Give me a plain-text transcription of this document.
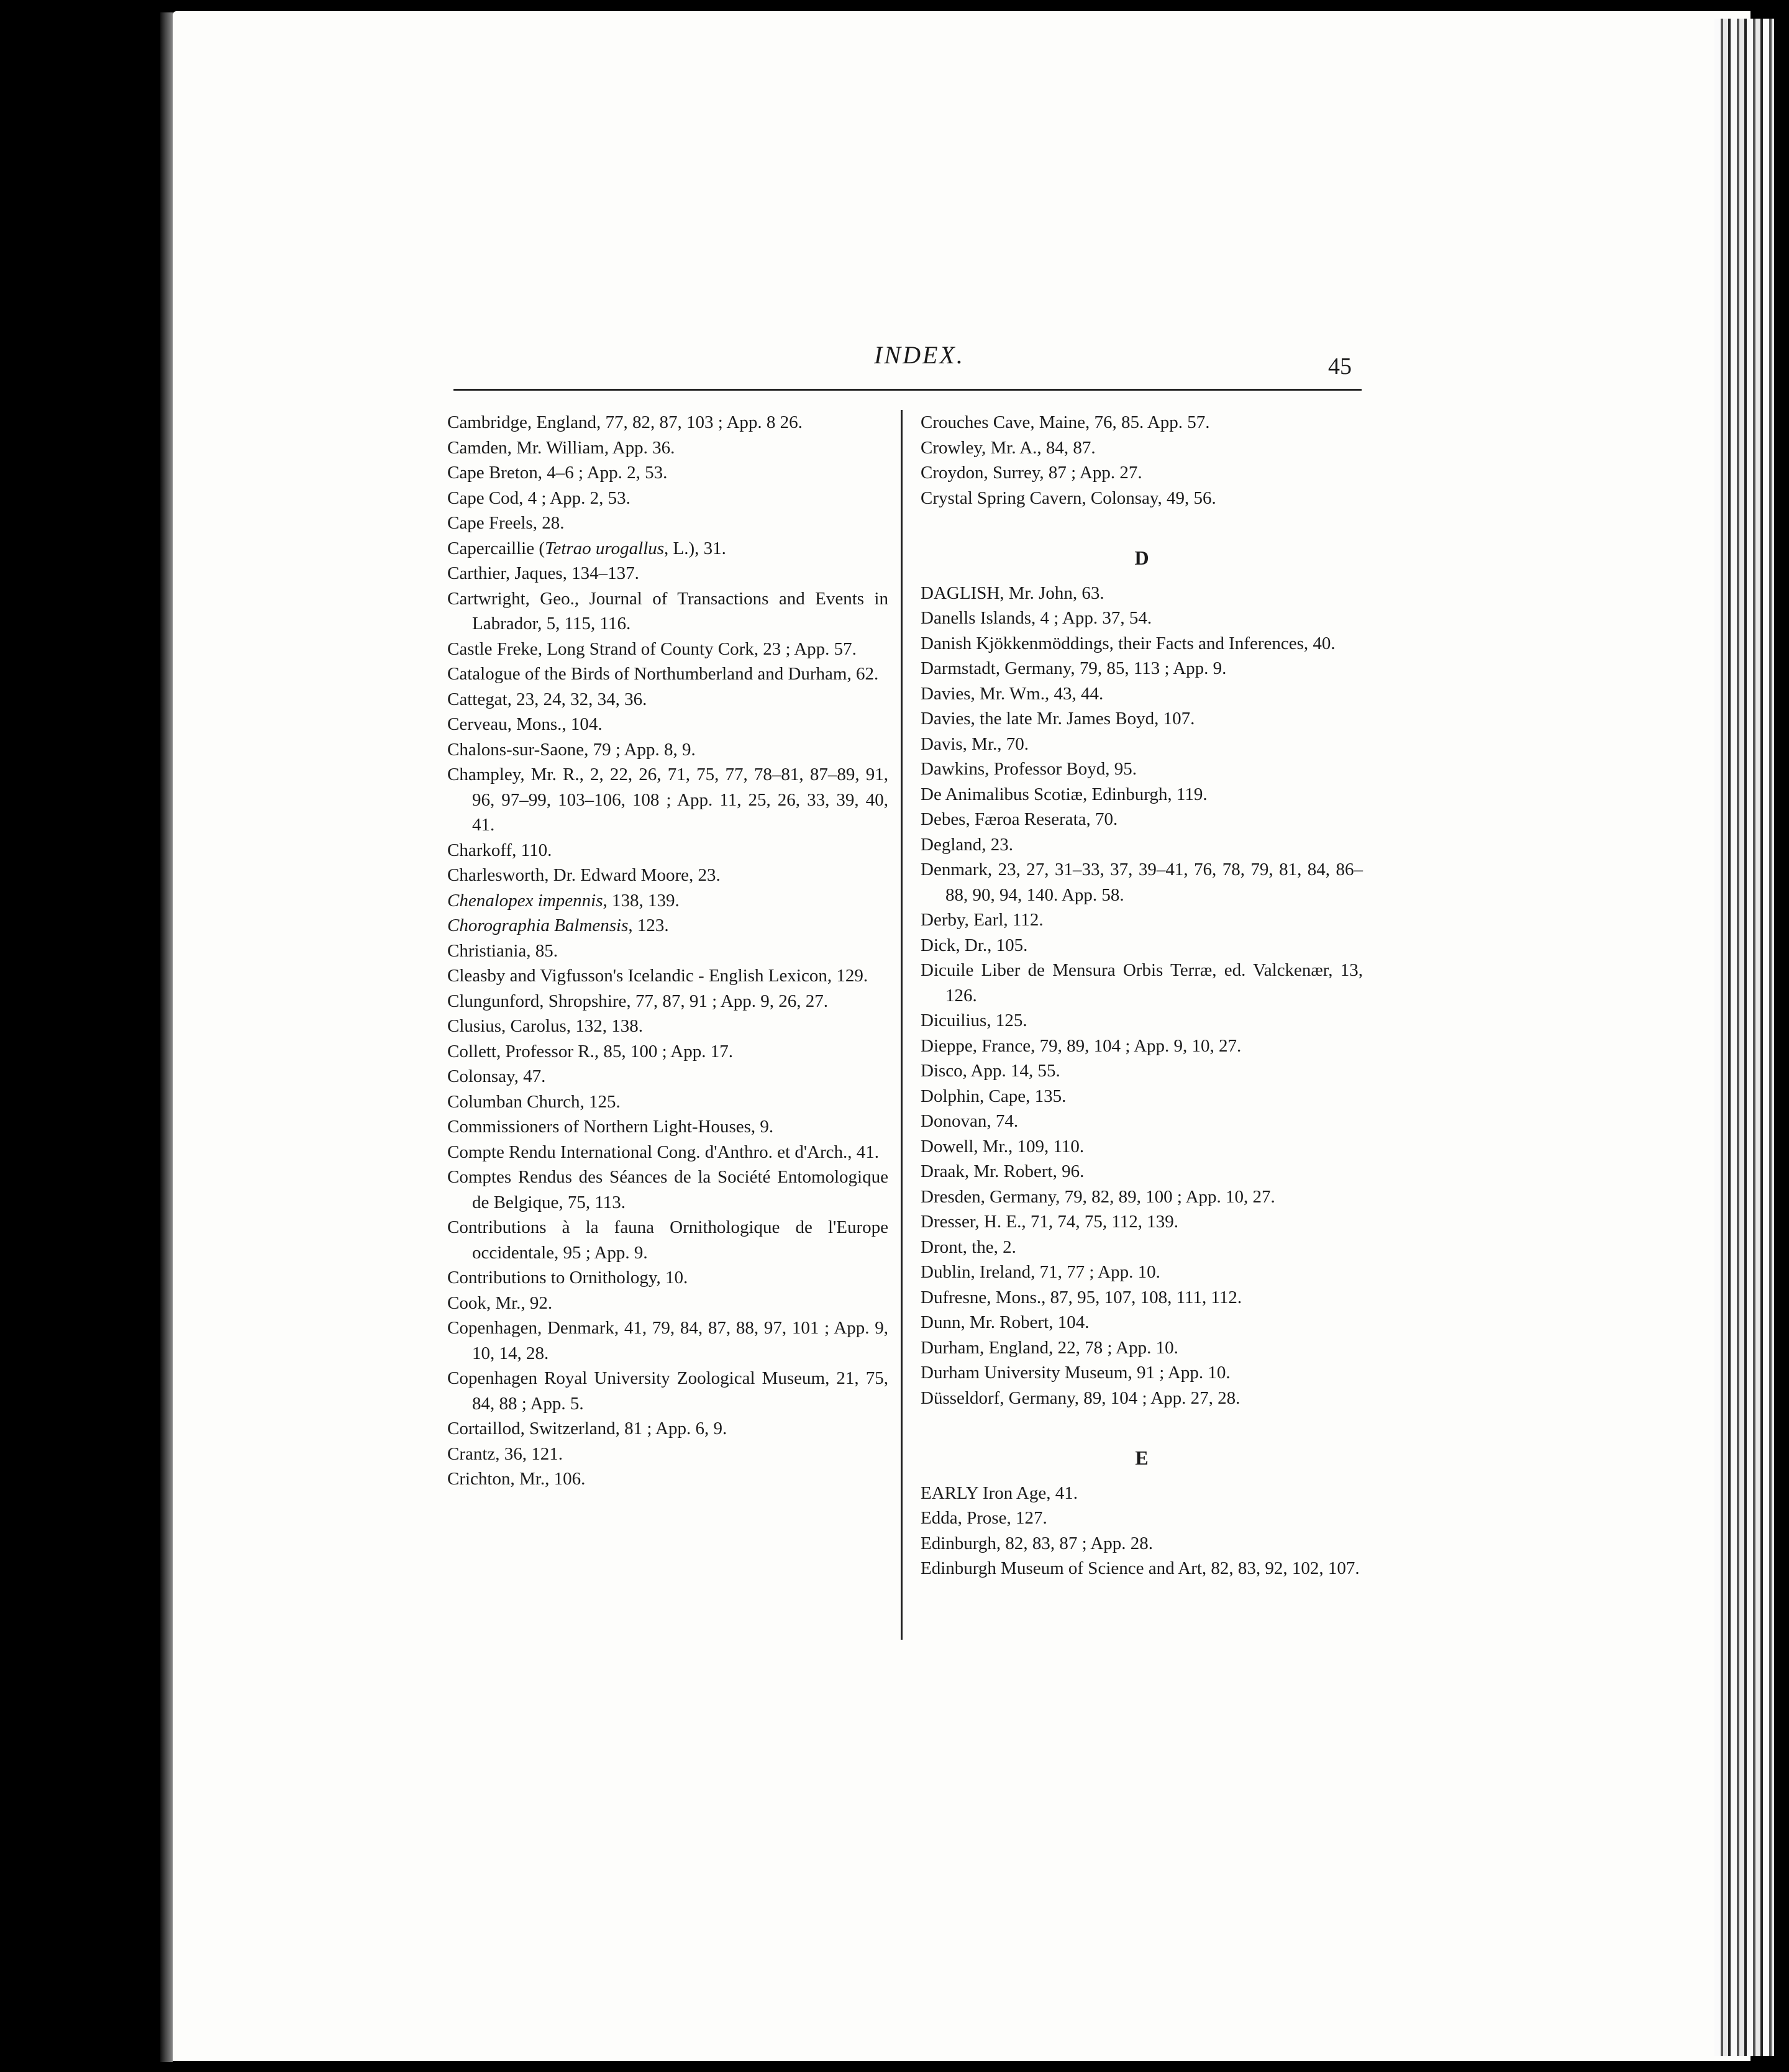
INDEX.	45
Cambridge, England, 77, 82, 87, 103 ; App. 8 26.
Camden, Mr. William, App. 36.
Cape Breton, 4–6 ; App. 2, 53.
Cape Cod, 4 ; App. 2, 53.
Cape Freels, 28.
Capercaillie (Tetrao urogallus, L.), 31.
Carthier, Jaques, 134–137.
Cartwright, Geo., Journal of Transactions and Events in Labrador, 5, 115, 116.
Castle Freke, Long Strand of County Cork, 23 ; App. 57.
Catalogue of the Birds of Northumberland and Durham, 62.
Cattegat, 23, 24, 32, 34, 36.
Cerveau, Mons., 104.
Chalons-sur-Saone, 79 ; App. 8, 9.
Champley, Mr. R., 2, 22, 26, 71, 75, 77, 78–81, 87–89, 91, 96, 97–99, 103–106, 108 ; App. 11, 25, 26, 33, 39, 40, 41.
Charkoff, 110.
Charlesworth, Dr. Edward Moore, 23.
Chenalopex impennis, 138, 139.
Chorographia Balmensis, 123.
Christiania, 85.
Cleasby and Vigfusson's Icelandic - English Lexicon, 129.
Clungunford, Shropshire, 77, 87, 91 ; App. 9, 26, 27.
Clusius, Carolus, 132, 138.
Collett, Professor R., 85, 100 ; App. 17.
Colonsay, 47.
Columban Church, 125.
Commissioners of Northern Light-Houses, 9.
Compte Rendu International Cong. d'Anthro. et d'Arch., 41.
Comptes Rendus des Séances de la Société Entomologique de Belgique, 75, 113.
Contributions à la fauna Ornithologique de l'Europe occidentale, 95 ; App. 9.
Contributions to Ornithology, 10.
Cook, Mr., 92.
Copenhagen, Denmark, 41, 79, 84, 87, 88, 97, 101 ; App. 9, 10, 14, 28.
Copenhagen Royal University Zoological Museum, 21, 75, 84, 88 ; App. 5.
Cortaillod, Switzerland, 81 ; App. 6, 9.
Crantz, 36, 121.
Crichton, Mr., 106.
Crouches Cave, Maine, 76, 85. App. 57.
Crowley, Mr. A., 84, 87.
Croydon, Surrey, 87 ; App. 27.
Crystal Spring Cavern, Colonsay, 49, 56.
D
DAGLISH, Mr. John, 63.
Danells Islands, 4 ; App. 37, 54.
Danish Kjökkenmöddings, their Facts and Inferences, 40.
Darmstadt, Germany, 79, 85, 113 ; App. 9.
Davies, Mr. Wm., 43, 44.
Davies, the late Mr. James Boyd, 107.
Davis, Mr., 70.
Dawkins, Professor Boyd, 95.
De Animalibus Scotiæ, Edinburgh, 119.
Debes, Færoa Reserata, 70.
Degland, 23.
Denmark, 23, 27, 31–33, 37, 39–41, 76, 78, 79, 81, 84, 86–88, 90, 94, 140. App. 58.
Derby, Earl, 112.
Dick, Dr., 105.
Dicuile Liber de Mensura Orbis Terræ, ed. Valckenær, 13, 126.
Dicuilius, 125.
Dieppe, France, 79, 89, 104 ; App. 9, 10, 27.
Disco, App. 14, 55.
Dolphin, Cape, 135.
Donovan, 74.
Dowell, Mr., 109, 110.
Draak, Mr. Robert, 96.
Dresden, Germany, 79, 82, 89, 100 ; App. 10, 27.
Dresser, H. E., 71, 74, 75, 112, 139.
Dront, the, 2.
Dublin, Ireland, 71, 77 ; App. 10.
Dufresne, Mons., 87, 95, 107, 108, 111, 112.
Dunn, Mr. Robert, 104.
Durham, England, 22, 78 ; App. 10.
Durham University Museum, 91 ; App. 10.
Düsseldorf, Germany, 89, 104 ; App. 27, 28.
E
EARLY Iron Age, 41.
Edda, Prose, 127.
Edinburgh, 82, 83, 87 ; App. 28.
Edinburgh Museum of Science and Art, 82, 83, 92, 102, 107.
